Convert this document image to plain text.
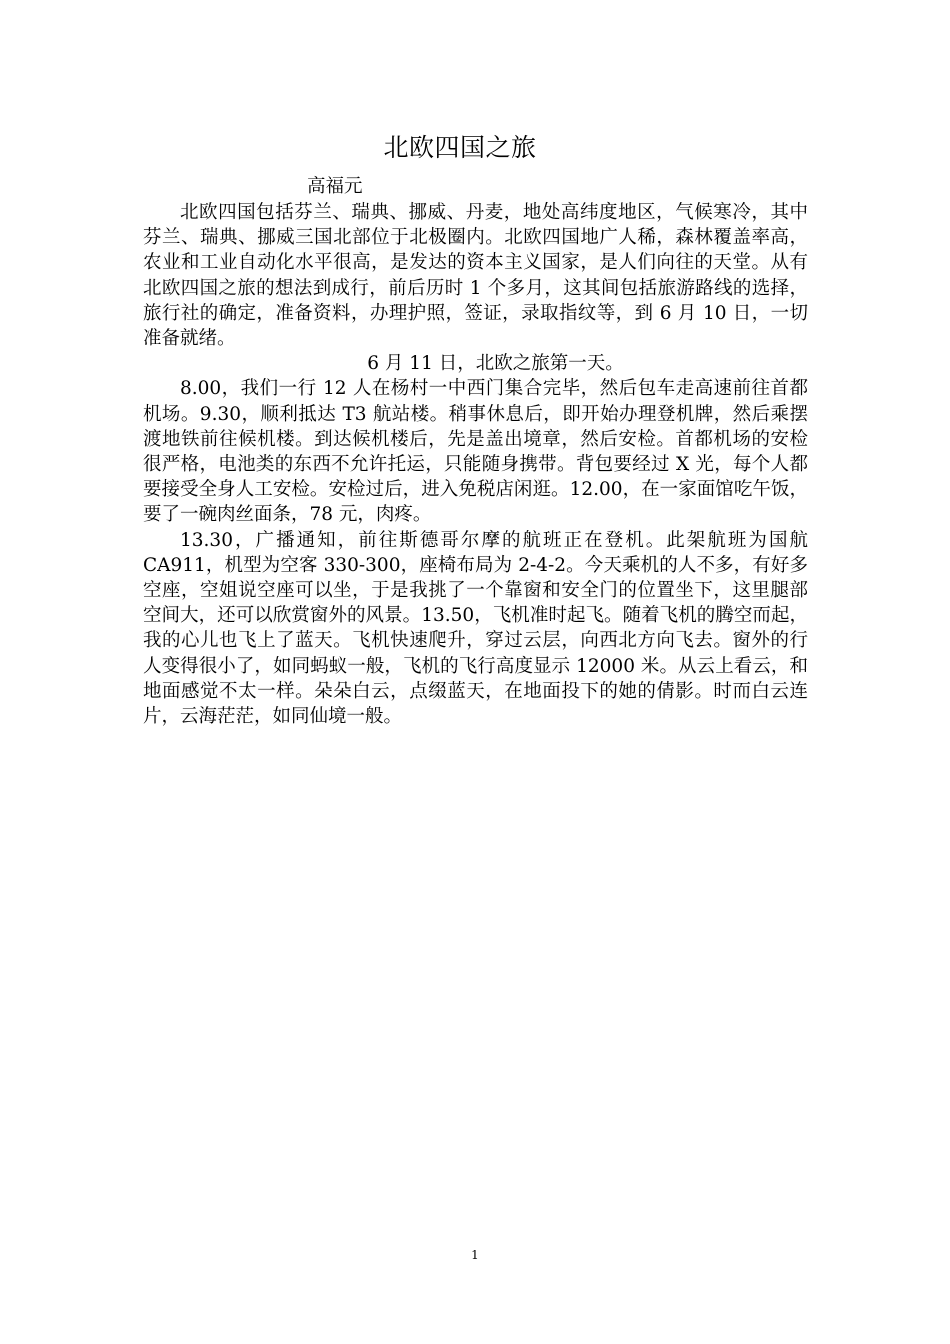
北欧四国之旅
高福元

北欧四国包括芬兰、瑞典、挪威、丹麦，地处高纬度地区，气候寒冷，其中芬兰、瑞典、挪威三国北部位于北极圈内。北欧四国地广人稀，森林覆盖率高，农业和工业自动化水平很高，是发达的资本主义国家，是人们向往的天堂。从有北欧四国之旅的想法到成行，前后历时 1 个多月，这其间包括旅游路线的选择，旅行社的确定，准备资料，办理护照，签证，录取指纹等，到 6 月 10 日，一切准备就绪。

6 月 11 日，北欧之旅第一天。

8.00，我们一行 12 人在杨村一中西门集合完毕，然后包车走高速前往首都机场。9.30，顺利抵达 T3 航站楼。稍事休息后，即开始办理登机牌，然后乘摆渡地铁前往候机楼。到达候机楼后，先是盖出境章，然后安检。首都机场的安检很严格，电池类的东西不允许托运，只能随身携带。背包要经过 X 光，每个人都要接受全身人工安检。安检过后，进入免税店闲逛。12.00，在一家面馆吃午饭，要了一碗肉丝面条，78 元，肉疼。

13.30，广播通知，前往斯德哥尔摩的航班正在登机。此架航班为国航 CA911，机型为空客 330-300，座椅布局为 2-4-2。今天乘机的人不多，有好多空座，空姐说空座可以坐，于是我挑了一个靠窗和安全门的位置坐下，这里腿部空间大，还可以欣赏窗外的风景。13.50，飞机准时起飞。随着飞机的腾空而起，我的心儿也飞上了蓝天。飞机快速爬升，穿过云层，向西北方向飞去。窗外的行人变得很小了，如同蚂蚁一般，飞机的飞行高度显示 12000 米。从云上看云，和地面感觉不太一样。朵朵白云，点缀蓝天，在地面投下的她的倩影。时而白云连片，云海茫茫，如同仙境一般。

1
